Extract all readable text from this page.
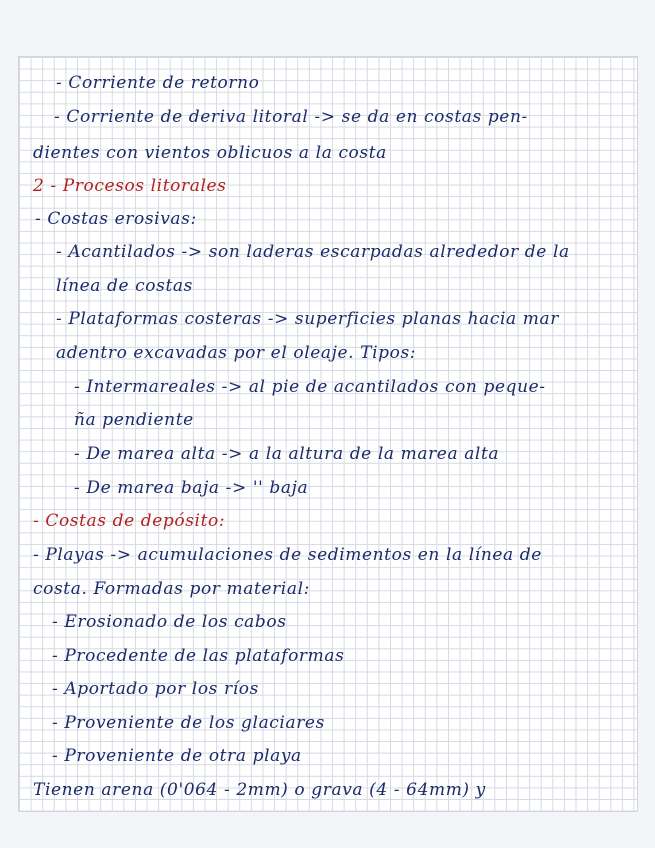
- Corriente de retorno
- Corriente de deriva litoral -> se da en costas pen-
dientes con vientos oblicuos a la costa
2 - Procesos litorales
- Costas erosivas:
- Acantilados -> son laderas escarpadas alrededor de la
línea de costas
- Plataformas costeras -> superficies planas hacia mar
adentro excavadas por el oleaje. Tipos:
- Intermareales -> al pie de acantilados con peque-
ña pendiente
- De marea alta -> a la altura de la marea alta
- De marea baja -> '' baja
- Costas de depósito:
- Playas -> acumulaciones de sedimentos en la línea de
costa. Formadas por material:
- Erosionado de los cabos
- Procedente de las plataformas
- Aportado por los ríos
- Proveniente de los glaciares
- Proveniente de otra playa
Tienen arena (0'064 - 2mm) o grava (4 - 64mm) y
